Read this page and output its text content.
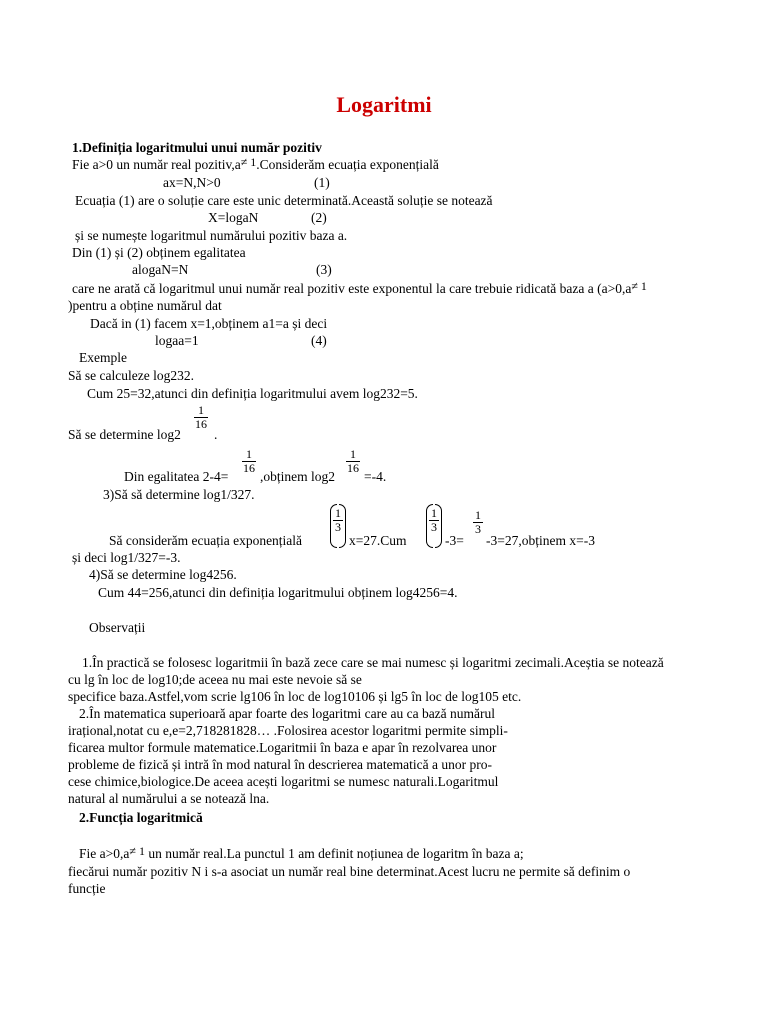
Logaritmi
1.Definiția logaritmului unui număr pozitiv
Fie a>0 un număr real pozitiv,a≠ 1.Considerăm ecuația exponențială
ax=N,N>0	(1)
Ecuația (1) are o soluție care este unic determinată.Această soluție se notează
X=logaN	(2)
și se numește logaritmul numărului pozitiv baza a.
Din (1) și (2) obținem egalitatea
alogaN=N	(3)
care ne arată că logaritmul unui număr real pozitiv este exponentul la care trebuie ridicată baza a (a>0,a≠ 1
)pentru a obține numărul dat
Dacă in (1) facem x=1,obținem a1=a și deci
logaa=1	(4)
Exemple
Să se calculeze log232.
Cum 25=32,atunci din definiția logaritmului avem log232=5.
$\frac{1}{16}$
Să se determine log2 .
$\frac{1}{16}$	$\frac{1}{16}$
Din egalitatea 2-4= ,obținem log2 =-4.
3)Să să determine log1/327.
Să considerăm ecuația exponențială
$\frac{1}{3}$
x=27.Cum
$\frac{1}{3}$
-3=
$\frac{1}{3}$
-3=27,obținem x=-3
și deci log1/327=-3.
4)Să se determine log4256.
Cum 44=256,atunci din definiția logaritmului obținem log4256=4.
Observații
1.În practică se folosesc logaritmii în bază zece care se mai numesc și logaritmi zecimali.Aceștia se notează
cu lg în loc de log10;de aceea nu mai este nevoie să se
specifice baza.Astfel,vom scrie lg106 în loc de log10106 și lg5 în loc de log105 etc.
2.În matematica superioară apar foarte des logaritmi care au ca bază numărul
irațional,notat cu e,e=2,718281828… .Folosirea acestor logaritmi permite simpli-
ficarea multor formule matematice.Logaritmii în baza e apar în rezolvarea unor
probleme de fizică și intră în mod natural în descrierea matematică a unor pro-
cese chimice,biologice.De aceea acești logaritmi se numesc naturali.Logaritmul
natural al numărului a se notează lna.
2.Funcția logaritmică
Fie a>0,a≠ 1 un număr real.La punctul 1 am definit noțiunea de logaritm în baza a;
fiecărui număr pozitiv N i s-a asociat un număr real bine determinat.Acest lucru ne permite să definim o
funcție
